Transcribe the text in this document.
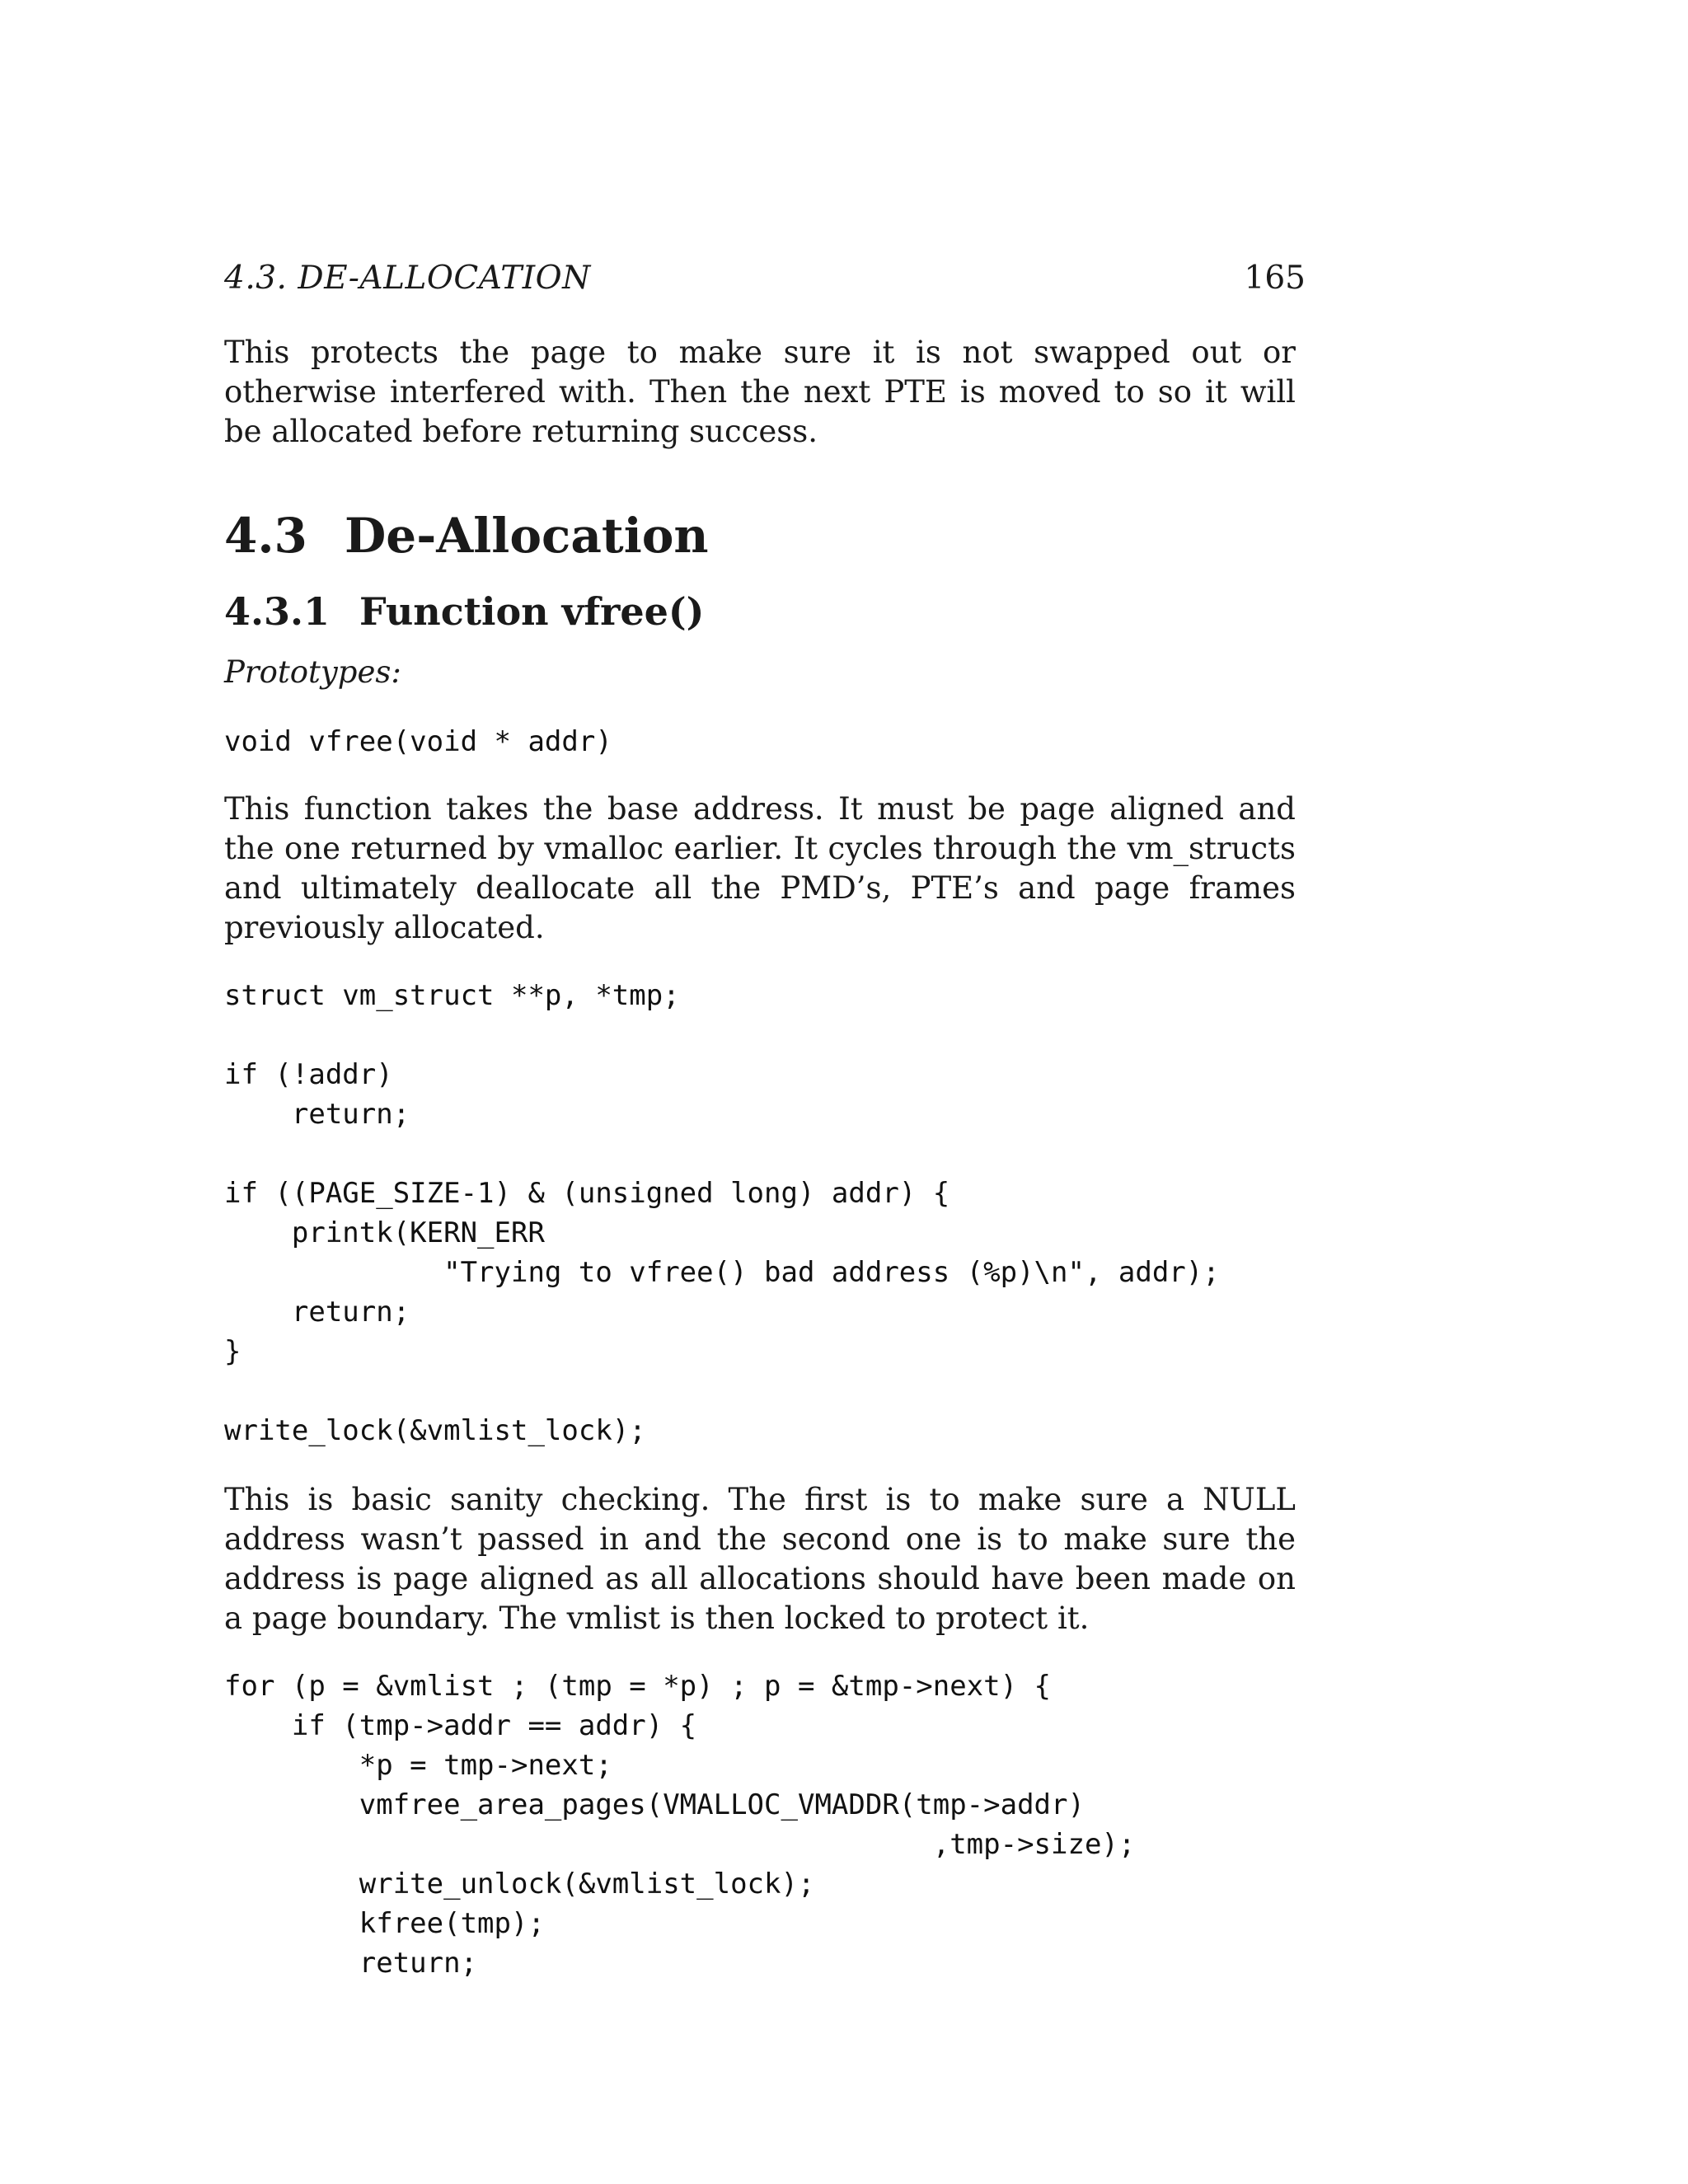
4.3. DE-ALLOCATION	165

This protects the page to make sure it is not swapped out or otherwise interfered with. Then the next PTE is moved to so it will be allocated before returning success.

4.3 De-Allocation
4.3.1 Function vfree()

Prototypes:

void vfree(void * addr)

This function takes the base address. It must be page aligned and the one returned by vmalloc earlier. It cycles through the vm_structs and ultimately deallocate all the PMD’s, PTE’s and page frames previously allocated.

struct vm_struct **p, *tmp;

if (!addr)
return;

if ((PAGE_SIZE-1) & (unsigned long) addr) {
printk(KERN_ERR
"Trying to vfree() bad address (%p)\n", addr);
return;
}

write_lock(&vmlist_lock);

This is basic sanity checking. The first is to make sure a NULL address wasn’t passed in and the second one is to make sure the address is page aligned as all allocations should have been made on a page boundary. The vmlist is then locked to protect it.

for (p = &vmlist ; (tmp = *p) ; p = &tmp->next) {
if (tmp->addr == addr) {
*p = tmp->next;
vmfree_area_pages(VMALLOC_VMADDR(tmp->addr)
,tmp->size);
write_unlock(&vmlist_lock);
kfree(tmp);
return;
